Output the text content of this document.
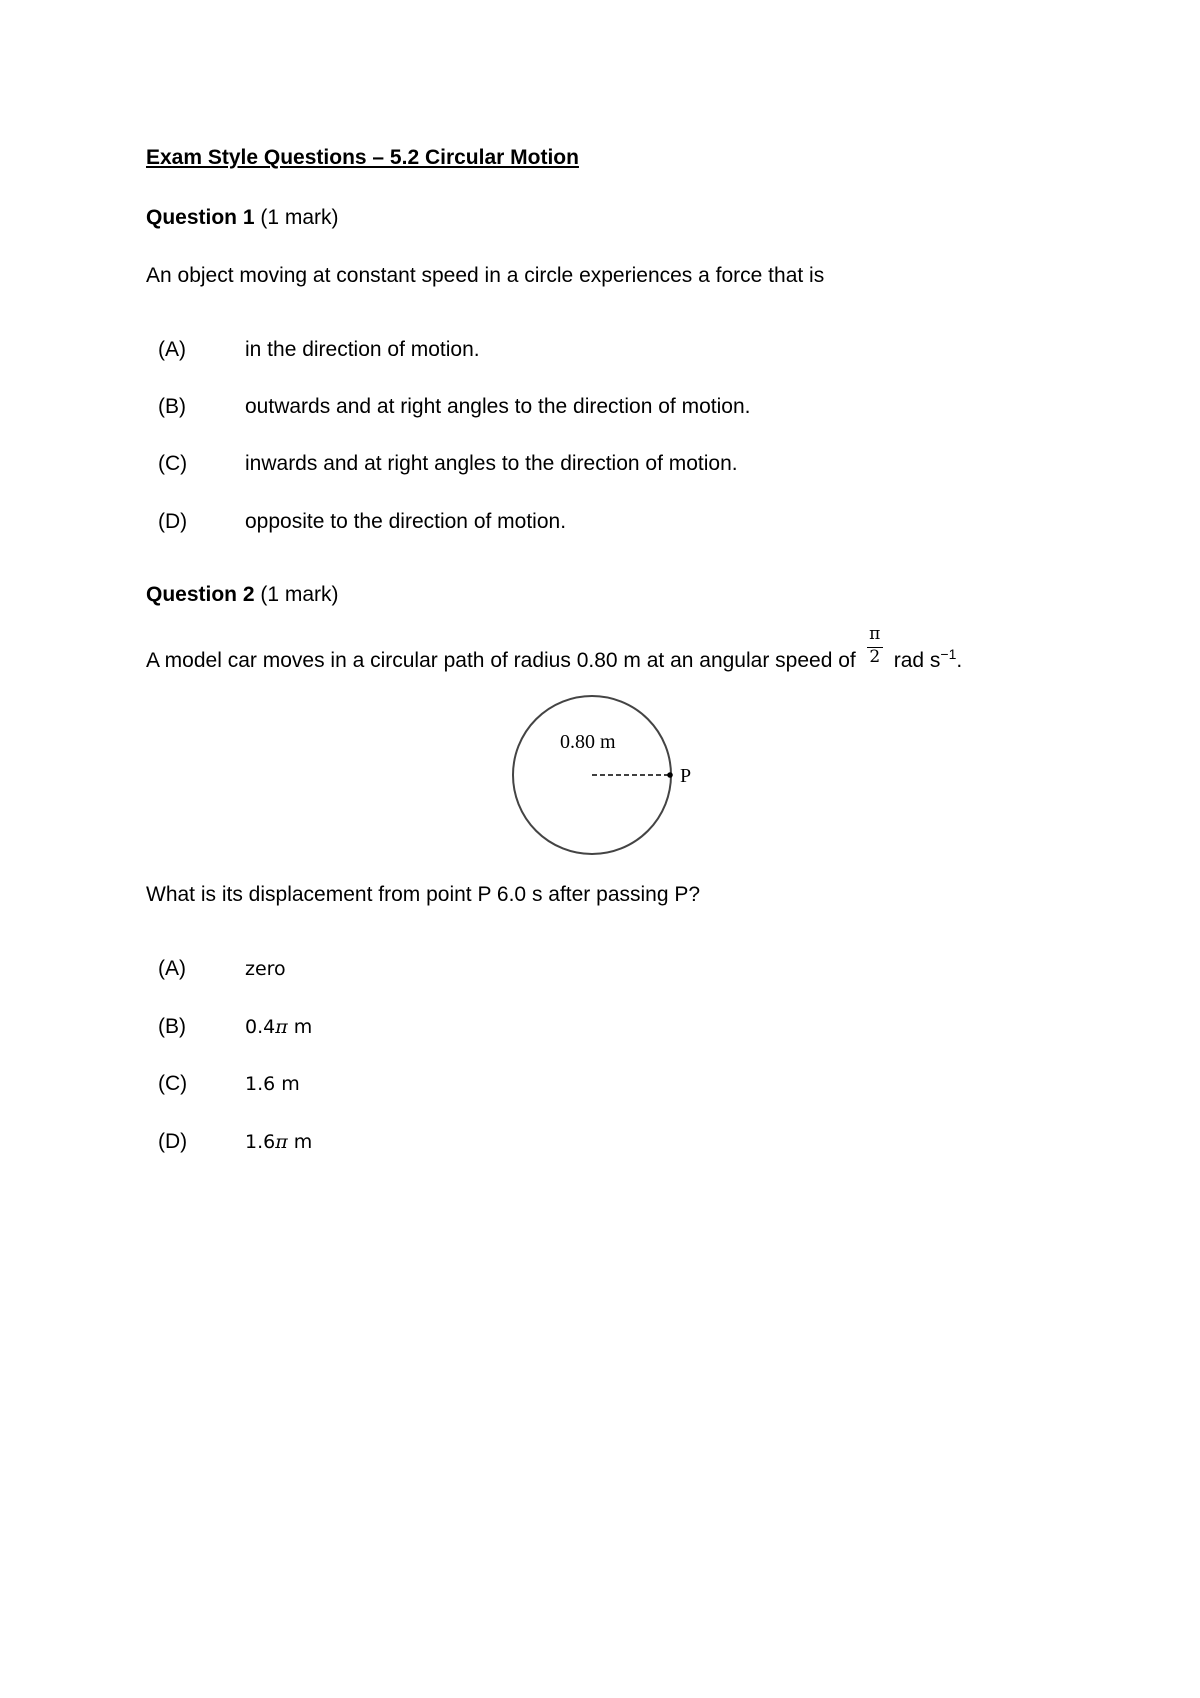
Exam Style Questions – 5.2 Circular Motion
Question 1 (1 mark)
An object moving at constant speed in a circle experiences a force that is
(A)	in the direction of motion.
(B)	outwards and at right angles to the direction of motion.
(C)	inwards and at right angles to the direction of motion.
(D)	opposite to the direction of motion.
Question 2 (1 mark)
A model car moves in a circular path of radius 0.80 m at an angular speed of $\frac{\pi}{2}$ rad $s^{-1}$.
0.80 m
P
What is its displacement from point P 6.0 s after passing P?
(A)	zero
(B)	0.4π m
(C)	1.6 m
(D)	1.6π m
